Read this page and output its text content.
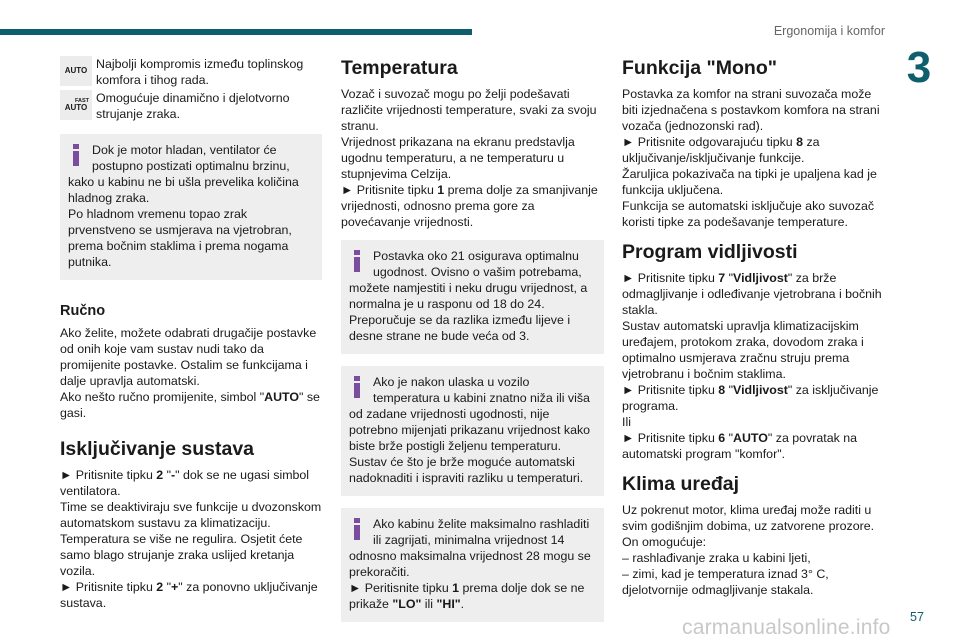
Ergonomija i komfor
3
AUTO Najbolji kompromis između toplinskog komfora i tihog rada.

FAST
AUTO

Omogućuje dinamično i djelotvorno strujanje zraka.

Dok je motor hladan, ventilator će postupno postizati optimalnu brzinu, kako u kabinu ne bi ušla prevelika količina hladnog zraka.

Po hladnom vremenu topao zrak prvenstveno se usmjerava na vjetrobran, prema bočnim staklima i prema nogama putnika.

Ručno

Ako želite, možete odabrati drugačije postavke od onih koje vam sustav nudi tako da promijenite postavke. Ostalim se funkcijama i dalje upravlja automatski.

Ako nešto ručno promijenite, simbol "AUTO" se gasi.

Isključivanje sustava

► Pritisnite tipku 2 "-" dok se ne ugasi simbol ventilatora.

Time se deaktiviraju sve funkcije u dvozonskom automatskom sustavu za klimatizaciju.

Temperatura se više ne regulira. Osjetit ćete samo blago strujanje zraka uslijed kretanja vozila.

► Pritisnite tipku 2 "+" za ponovno uključivanje sustava.

Temperatura

Vozač i suvozač mogu po želji podešavati različite vrijednosti temperature, svaki za svoju stranu.

Vrijednost prikazana na ekranu predstavlja ugodnu temperaturu, a ne temperaturu u stupnjevima Celzija.

► Pritisnite tipku 1 prema dolje za smanjivanje vrijednosti, odnosno prema gore za povećavanje vrijednosti.

Postavka oko 21 osigurava optimalnu ugodnost. Ovisno o vašim potrebama, možete namjestiti i neku drugu vrijednost, a normalna je u rasponu od 18 do 24.

Preporučuje se da razlika između lijeve i desne strane ne bude veća od 3.

Ako je nakon ulaska u vozilo temperatura u kabini znatno niža ili viša od zadane vrijednosti ugodnosti, nije potrebno mijenjati prikazanu vrijednost kako biste brže postigli željenu temperaturu. Sustav će što je brže moguće automatski nadoknaditi i ispraviti razliku u temperaturi.

Ako kabinu želite maksimalno rashladiti ili zagrijati, minimalna vrijednost 14 odnosno maksimalna vrijednost 28 mogu se prekoračiti.

► Peritisnite tipku 1 prema dolje dok se ne prikaže "LO" ili "HI".

Funkcija "Mono"

Postavka za komfor na strani suvozača može biti izjednačena s postavkom komfora na strani vozača (jednozonski rad).

► Pritisnite odgovarajuću tipku 8 za uključivanje/isključivanje funkcije.

Žaruljica pokazivača na tipki je upaljena kad je funkcija uključena.

Funkcija se automatski isključuje ako suvozač koristi tipke za podešavanje temperature.

Program vidljivosti

► Pritisnite tipku 7 "Vidljivost" za brže odmagljivanje i odleđivanje vjetrobrana i bočnih stakla.

Sustav automatski upravlja klimatizacijskim uređajem, protokom zraka, dovodom zraka i optimalno usmjerava zračnu struju prema vjetrobranu i bočnim staklima.

► Pritisnite tipku 8 "Vidljivost" za isključivanje programa.

Ili

► Pritisnite tipku 6 "AUTO" za povratak na automatski program "komfor".

Klima uređaj

Uz pokrenut motor, klima uređaj može raditi u svim godišnjim dobima, uz zatvorene prozore.

On omogućuje:

– rashlađivanje zraka u kabini ljeti,

– zimi, kad je temperatura iznad 3° C, djelotvornije odmagljivanje stakala.

carmanualsonline.info 57
